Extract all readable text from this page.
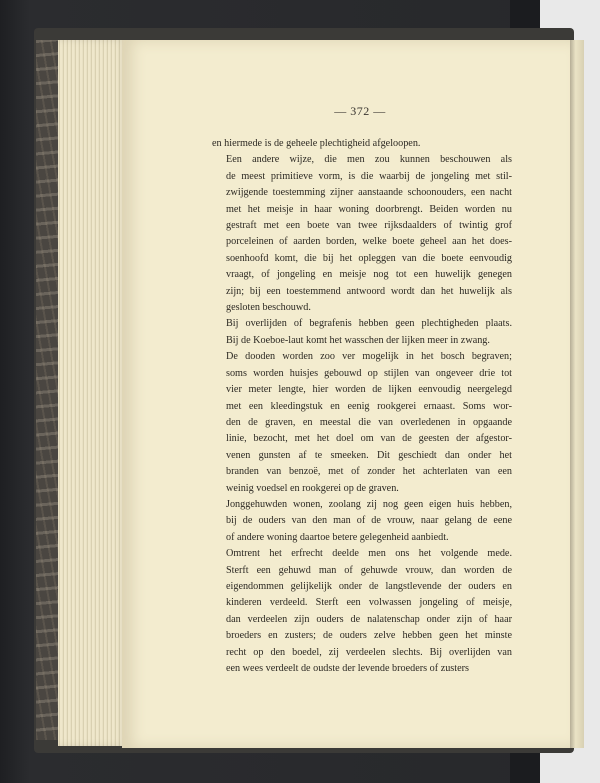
— 372 —

en hiermede is de geheele plechtigheid afgeloopen.

Een andere wijze, die men zou kunnen beschouwen als
de meest primitieve vorm, is die waarbij de jongeling met stil-
zwijgende toestemming zijner aanstaande schoonouders, een nacht
met het meisje in haar woning doorbrengt. Beiden worden nu
gestraft met een boete van twee rijksdaalders of twintig grof
porceleinen of aarden borden, welke boete geheel aan het does-
soenhoofd komt, die bij het opleggen van die boete eenvoudig
vraagt, of jongeling en meisje nog tot een huwelijk genegen
zijn; bij een toestemmend antwoord wordt dan het huwelijk als
gesloten beschouwd.

Bij overlijden of begrafenis hebben geen plechtigheden plaats.
Bij de Koeboe-laut komt het wasschen der lijken meer in zwang.

De dooden worden zoo ver mogelijk in het bosch begraven;
soms worden huisjes gebouwd op stijlen van ongeveer drie tot
vier meter lengte, hier worden de lijken eenvoudig neergelegd
met een kleedingstuk en eenig rookgerei ernaast. Soms wor-
den de graven, en meestal die van overledenen in opgaande
linie, bezocht, met het doel om van de geesten der afgestor-
venen gunsten af te smeeken. Dit geschiedt dan onder het
branden van benzoë, met of zonder het achterlaten van een
weinig voedsel en rookgerei op de graven.

Jonggehuwden wonen, zoolang zij nog geen eigen huis hebben,
bij de ouders van den man of de vrouw, naar gelang de eene
of andere woning daartoe betere gelegenheid aanbiedt.

Omtrent het erfrecht deelde men ons het volgende mede.
Sterft een gehuwd man of gehuwde vrouw, dan worden de
eigendommen gelijkelijk onder de langstlevende der ouders en
kinderen verdeeld. Sterft een volwassen jongeling of meisje,
dan verdeelen zijn ouders de nalatenschap onder zijn of haar
broeders en zusters; de ouders zelve hebben geen het minste
recht op den boedel, zij verdeelen slechts. Bij overlijden van
een wees verdeelt de oudste der levende broeders of zusters
